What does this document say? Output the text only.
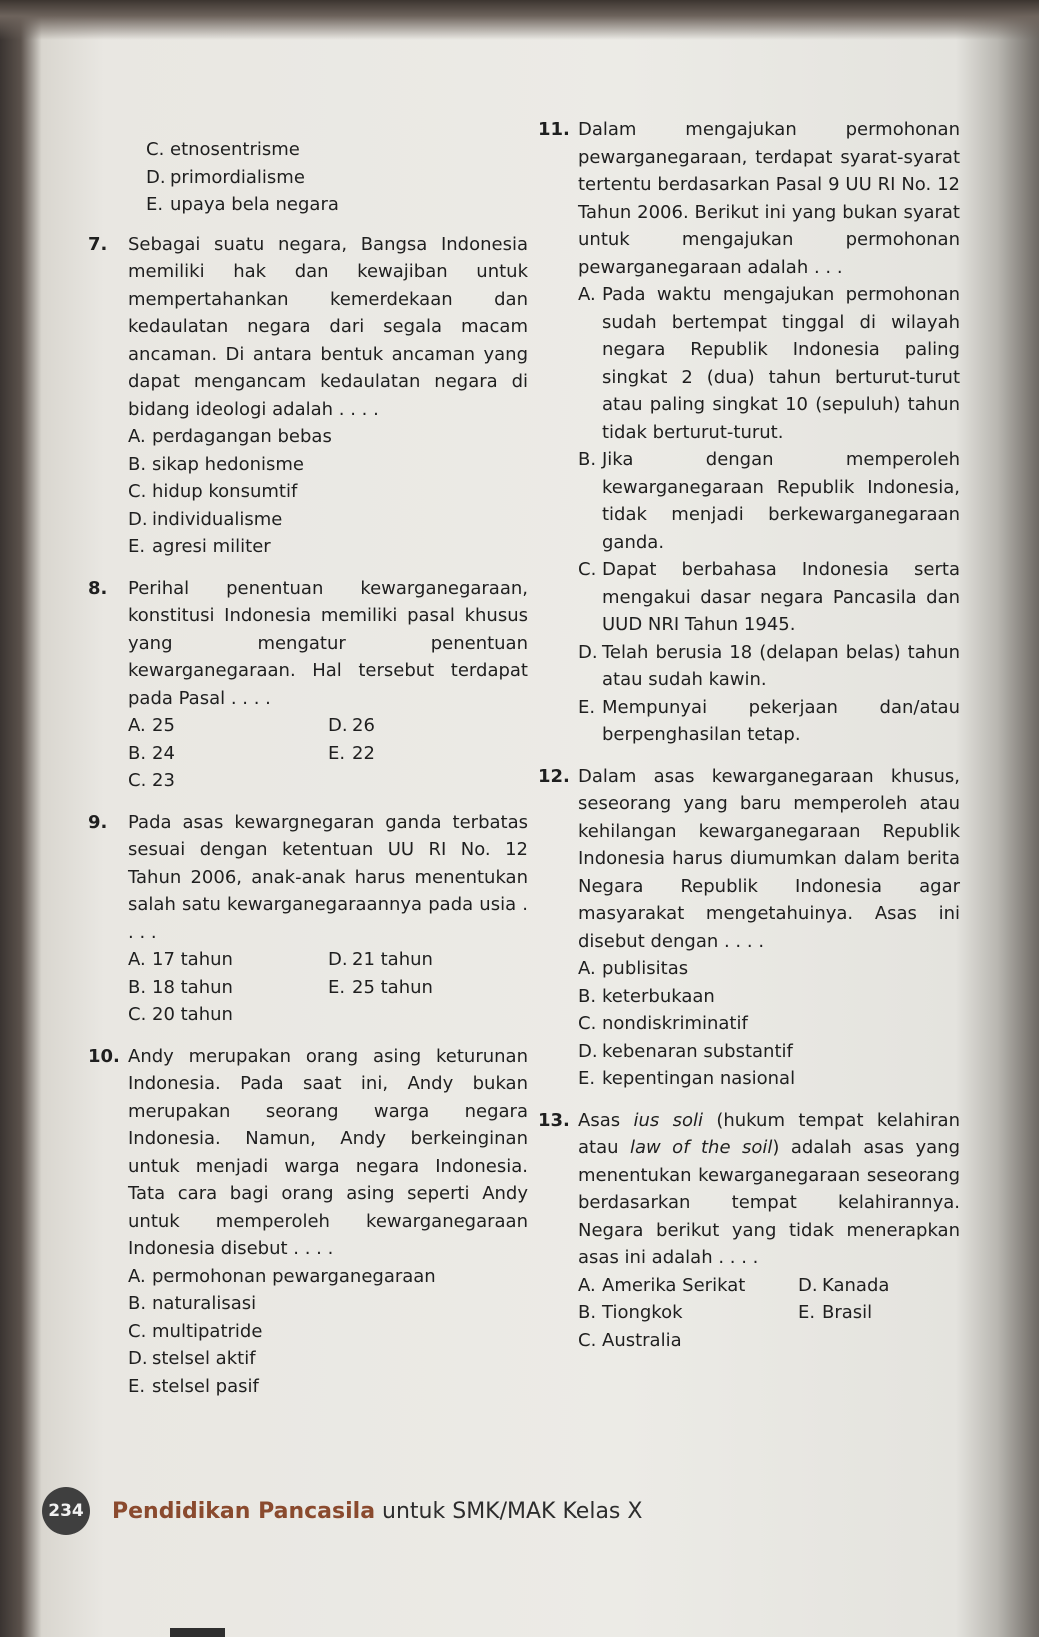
C. etnosentrisme
D. primordialisme
E. upaya bela negara
7. Sebagai suatu negara, Bangsa Indonesia memiliki hak dan kewajiban untuk mempertahankan kemerdekaan dan kedaulatan negara dari segala macam ancaman. Di antara bentuk ancaman yang dapat mengancam kedaulatan negara di bidang ideologi adalah . . . .
A. perdagangan bebas
B. sikap hedonisme
C. hidup konsumtif
D. individualisme
E. agresi militer
8. Perihal penentuan kewarganegaraan, konstitusi Indonesia memiliki pasal khusus yang mengatur penentuan kewarganegaraan. Hal tersebut terdapat pada Pasal . . . .
A. 25	D. 26
B. 24	E. 22
C. 23
9. Pada asas kewargnegaran ganda terbatas sesuai dengan ketentuan UU RI No. 12 Tahun 2006, anak-anak harus menentukan salah satu kewarganegaraannya pada usia . . . .
A. 17 tahun	D. 21 tahun
B. 18 tahun	E. 25 tahun
C. 20 tahun
10. Andy merupakan orang asing keturunan Indonesia. Pada saat ini, Andy bukan merupakan seorang warga negara Indonesia. Namun, Andy berkeinginan untuk menjadi warga negara Indonesia. Tata cara bagi orang asing seperti Andy untuk memperoleh kewarganegaraan Indonesia disebut . . . .
A. permohonan pewarganegaraan
B. naturalisasi
C. multipatride
D. stelsel aktif
E. stelsel pasif
11. Dalam mengajukan permohonan pewarganegaraan, terdapat syarat-syarat tertentu berdasarkan Pasal 9 UU RI No. 12 Tahun 2006. Berikut ini yang bukan syarat untuk mengajukan permohonan pewarganegaraan adalah . . .
A. Pada waktu mengajukan permohonan sudah bertempat tinggal di wilayah negara Republik Indonesia paling singkat 2 (dua) tahun berturut-turut atau paling singkat 10 (sepuluh) tahun tidak berturut-turut.
B. Jika dengan memperoleh kewarganegaraan Republik Indonesia, tidak menjadi berkewarganegaraan ganda.
C. Dapat berbahasa Indonesia serta mengakui dasar negara Pancasila dan UUD NRI Tahun 1945.
D. Telah berusia 18 (delapan belas) tahun atau sudah kawin.
E. Mempunyai pekerjaan dan/atau berpenghasilan tetap.
12. Dalam asas kewarganegaraan khusus, seseorang yang baru memperoleh atau kehilangan kewarganegaraan Republik Indonesia harus diumumkan dalam berita Negara Republik Indonesia agar masyarakat mengetahuinya. Asas ini disebut dengan . . . .
A. publisitas
B. keterbukaan
C. nondiskriminatif
D. kebenaran substantif
E. kepentingan nasional
13. Asas ius soli (hukum tempat kelahiran atau law of the soil) adalah asas yang menentukan kewarganegaraan seseorang berdasarkan tempat kelahirannya. Negara berikut yang tidak menerapkan asas ini adalah . . . .
A. Amerika Serikat	D. Kanada
B. Tiongkok	E. Brasil
C. Australia
234 Pendidikan Pancasila untuk SMK/MAK Kelas X
